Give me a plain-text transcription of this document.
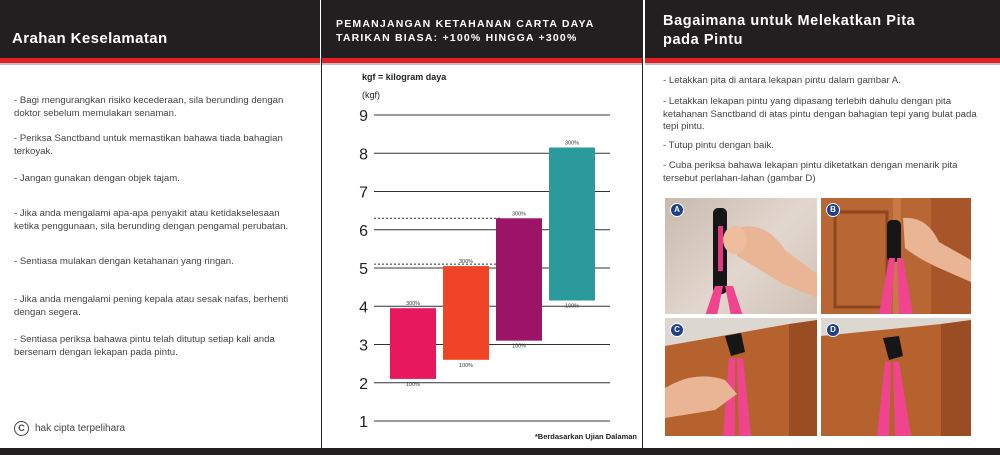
Arahan Keselamatan
- Bagi mengurangkan risiko kecederaan, sila berunding dengan doktor sebelum memulakan senaman.
- Periksa Sanctband untuk memastikan bahawa tiada bahagian terkoyak.
- Jangan gunakan dengan objek tajam.
- Jika anda mengalami apa-apa penyakit atau ketidakselesaan ketika penggunaan, sila berunding dengan pengamal perubatan.
- Sentiasa mulakan dengan ketahanan yang ringan.
- Jika anda mengalami pening kepala atau sesak nafas, berhenti dengan segera.
- Sentiasa periksa bahawa pintu telah ditutup setiap kali anda bersenam dengan lekapan pada pintu.
C	hak cipta terpelihara
PEMANJANGAN KETAHANAN CARTA DAYA
TARIKAN BIASA: +100% HINGGA +300%
kgf = kilogram daya
(kgf)
1
2
3
4
5
6
7
8
9
300%
100%
300%
100%
300%
100%
300%
100%
*Berdasarkan Ujian Dalaman
Bagaimana untuk Melekatkan Pita
pada Pintu
- Letakkan pita di antara lekapan pintu dalam gambar A.
- Letakkan lekapan pintu yang dipasang terlebih dahulu dengan pita ketahanan Sanctband di atas pintu dengan bahagian tepi yang bulat pada tepi pintu.
- Tutup pintu dengan baik.
- Cuba periksa bahawa lekapan pintu diketatkan dengan menarik pita tersebut perlahan-lahan (gambar D)
A	B
C	D
